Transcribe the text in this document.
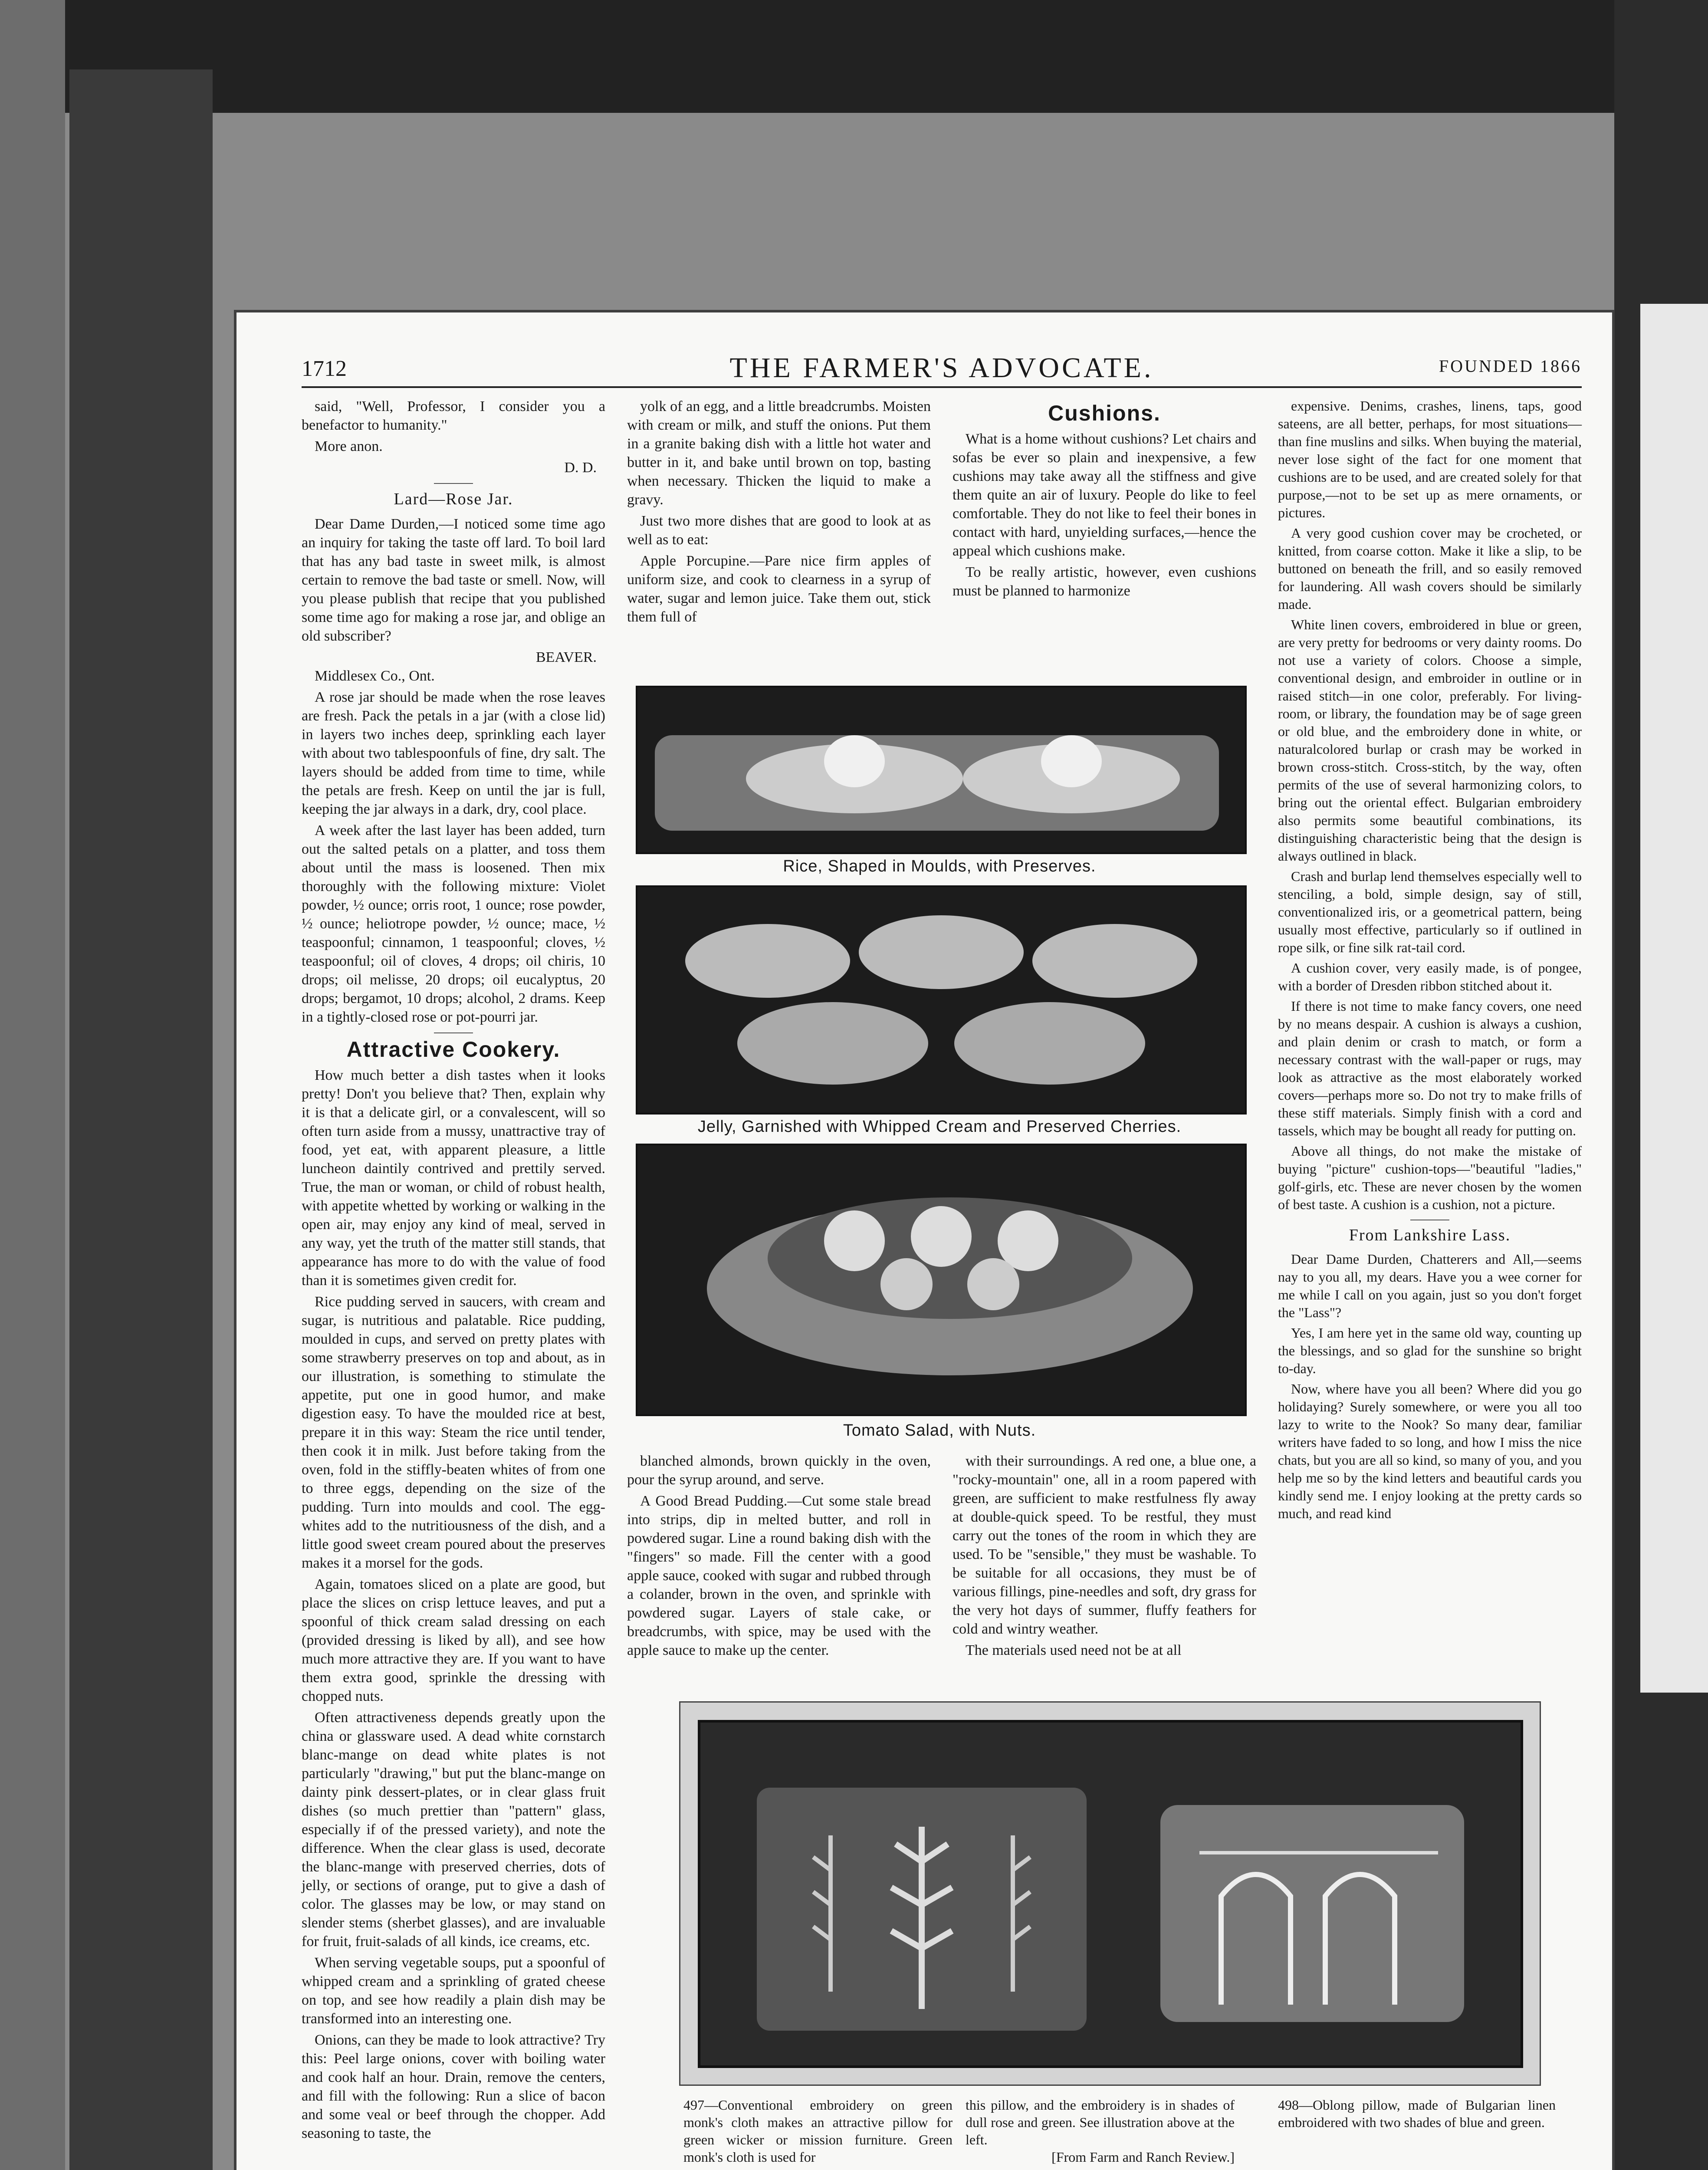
1712	THE FARMER'S ADVOCATE.	FOUNDED 1866

said, "Well, Professor, I consider you a benefactor to humanity."

More anon.

D. D.
Lard—Rose Jar.

Dear Dame Durden,—I noticed some time ago an inquiry for taking the taste off lard. To boil lard that has any bad taste in sweet milk, is almost certain to remove the bad taste or smell. Now, will you please publish that recipe that you published some time ago for making a rose jar, and oblige an old subscriber?

BEAVER.

Middlesex Co., Ont.

A rose jar should be made when the rose leaves are fresh. Pack the petals in a jar (with a close lid) in layers two inches deep, sprinkling each layer with about two tablespoonfuls of fine, dry salt. The layers should be added from time to time, while the petals are fresh. Keep on until the jar is full, keeping the jar always in a dark, dry, cool place.

A week after the last layer has been added, turn out the salted petals on a platter, and toss them about until the mass is loosened. Then mix thoroughly with the following mixture: Violet powder, ½ ounce; orris root, 1 ounce; rose powder, ½ ounce; heliotrope powder, ½ ounce; mace, ½ teaspoonful; cinnamon, 1 teaspoonful; cloves, ½ teaspoonful; oil of cloves, 4 drops; oil chiris, 10 drops; oil melisse, 20 drops; oil eucalyptus, 20 drops; bergamot, 10 drops; alcohol, 2 drams. Keep in a tightly-closed rose or pot-pourri jar.

Attractive Cookery.

How much better a dish tastes when it looks pretty! Don't you believe that? Then, explain why it is that a delicate girl, or a convalescent, will so often turn aside from a mussy, unattractive tray of food, yet eat, with apparent pleasure, a little luncheon daintily contrived and prettily served. True, the man or woman, or child of robust health, with appetite whetted by working or walking in the open air, may enjoy any kind of meal, served in any way, yet the truth of the matter still stands, that appearance has more to do with the value of food than it is sometimes given credit for.

Rice pudding served in saucers, with cream and sugar, is nutritious and palatable. Rice pudding, moulded in cups, and served on pretty plates with some strawberry preserves on top and about, as in our illustration, is something to stimulate the appetite, put one in good humor, and make digestion easy. To have the moulded rice at best, prepare it in this way: Steam the rice until tender, then cook it in milk. Just before taking from the oven, fold in the stiffly-beaten whites of from one to three eggs, depending on the size of the pudding. Turn into moulds and cool. The egg-whites add to the nutritiousness of the dish, and a little good sweet cream poured about the preserves makes it a morsel for the gods.

Again, tomatoes sliced on a plate are good, but place the slices on crisp lettuce leaves, and put a spoonful of thick cream salad dressing on each (provided dressing is liked by all), and see how much more attractive they are. If you want to have them extra good, sprinkle the dressing with chopped nuts.

Often attractiveness depends greatly upon the china or glassware used. A dead white cornstarch blanc-mange on dead white plates is not particularly "drawing," but put the blanc-mange on dainty pink dessert-plates, or in clear glass fruit dishes (so much prettier than "pattern" glass, especially if of the pressed variety), and note the difference. When the clear glass is used, decorate the blanc-mange with preserved cherries, dots of jelly, or sections of orange, put to give a dash of color. The glasses may be low, or may stand on slender stems (sherbet glasses), and are invaluable for fruit, fruit-salads of all kinds, ice creams, etc.

When serving vegetable soups, put a spoonful of whipped cream and a sprinkling of grated cheese on top, and see how readily a plain dish may be transformed into an interesting one.

Onions, can they be made to look attractive? Try this: Peel large onions, cover with boiling water and cook half an hour. Drain, remove the centers, and fill with the following: Run a slice of bacon and some veal or beef through the chopper. Add seasoning to taste, the

yolk of an egg, and a little breadcrumbs. Moisten with cream or milk, and stuff the onions. Put them in a granite baking dish with a little hot water and butter in it, and bake until brown on top, basting when necessary. Thicken the liquid to make a gravy.

Just two more dishes that are good to look at as well as to eat:

Apple Porcupine.—Pare nice firm apples of uniform size, and cook to clearness in a syrup of water, sugar and lemon juice. Take them out, stick them full of

Cushions.

What is a home without cushions? Let chairs and sofas be ever so plain and inexpensive, a few cushions may take away all the stiffness and give them quite an air of luxury. People do like to feel comfortable. They do not like to feel their bones in contact with hard, unyielding surfaces,—hence the appeal which cushions make.

To be really artistic, however, even cushions must be planned to harmonize

Rice, Shaped in Moulds, with Preserves.
Jelly, Garnished with Whipped Cream and Preserved Cherries.
Tomato Salad, with Nuts.

blanched almonds, brown quickly in the oven, pour the syrup around, and serve.

A Good Bread Pudding.—Cut some stale bread into strips, dip in melted butter, and roll in powdered sugar. Line a round baking dish with the "fingers" so made. Fill the center with a good apple sauce, cooked with sugar and rubbed through a colander, brown in the oven, and sprinkle with powdered sugar. Layers of stale cake, or breadcrumbs, with spice, may be used with the apple sauce to make up the center.

with their surroundings. A red one, a blue one, a "rocky-mountain" one, all in a room papered with green, are sufficient to make restfulness fly away at double-quick speed. To be restful, they must carry out the tones of the room in which they are used. To be "sensible," they must be washable. To be suitable for all occasions, they must be of various fillings, pine-needles and soft, dry grass for the very hot days of summer, fluffy feathers for cold and wintry weather.

The materials used need not be at all

expensive. Denims, crashes, linens, taps, good sateens, are all better, perhaps, for most situations—than fine muslins and silks. When buying the material, never lose sight of the fact for one moment that cushions are to be used, and are created solely for that purpose,—not to be set up as mere ornaments, or pictures.

A very good cushion cover may be crocheted, or knitted, from coarse cotton. Make it like a slip, to be buttoned on beneath the frill, and so easily removed for laundering. All wash covers should be similarly made.

White linen covers, embroidered in blue or green, are very pretty for bedrooms or very dainty rooms. Do not use a variety of colors. Choose a simple, conventional design, and embroider in outline or in raised stitch—in one color, preferably. For living-room, or library, the foundation may be of sage green or old blue, and the embroidery done in white, or naturalcolored burlap or crash may be worked in brown cross-stitch. Cross-stitch, by the way, often permits of the use of several harmonizing colors, to bring out the oriental effect. Bulgarian embroidery also permits some beautiful combinations, its distinguishing characteristic being that the design is always outlined in black.

Crash and burlap lend themselves especially well to stenciling, a bold, simple design, say of still, conventionalized iris, or a geometrical pattern, being usually most effective, particularly so if outlined in rope silk, or fine silk rat-tail cord.

A cushion cover, very easily made, is of pongee, with a border of Dresden ribbon stitched about it.

If there is not time to make fancy covers, one need by no means despair. A cushion is always a cushion, and plain denim or crash to match, or form a necessary contrast with the wall-paper or rugs, may look as attractive as the most elaborately worked covers—perhaps more so. Do not try to make frills of these stiff materials. Simply finish with a cord and tassels, which may be bought all ready for putting on.

Above all things, do not make the mistake of buying "picture" cushion-tops—"beautiful "ladies," golf-girls, etc. These are never chosen by the women of best taste. A cushion is a cushion, not a picture.

From Lankshire Lass.

Dear Dame Durden, Chatterers and All,—seems nay to you all, my dears. Have you a wee corner for me while I call on you again, just so you don't forget the "Lass"?

Yes, I am here yet in the same old way, counting up the blessings, and so glad for the sunshine so bright to-day.

Now, where have you all been? Where did you go holidaying? Surely somewhere, or were you all too lazy to write to the Nook? So many dear, familiar writers have faded to so long, and how I miss the nice chats, but you are all so kind, so many of you, and you help me so by the kind letters and beautiful cards you kindly send me. I enjoy looking at the pretty cards so much, and read kind

497—Conventional embroidery on green monk's cloth makes an attractive pillow for green wicker or mission furniture. Green monk's cloth is used for
this pillow, and the embroidery is in shades of dull rose and green. See illustration above at the left.
[From Farm and Ranch Review.]
498—Oblong pillow, made of Bulgarian linen embroidered with two shades of blue and green.
